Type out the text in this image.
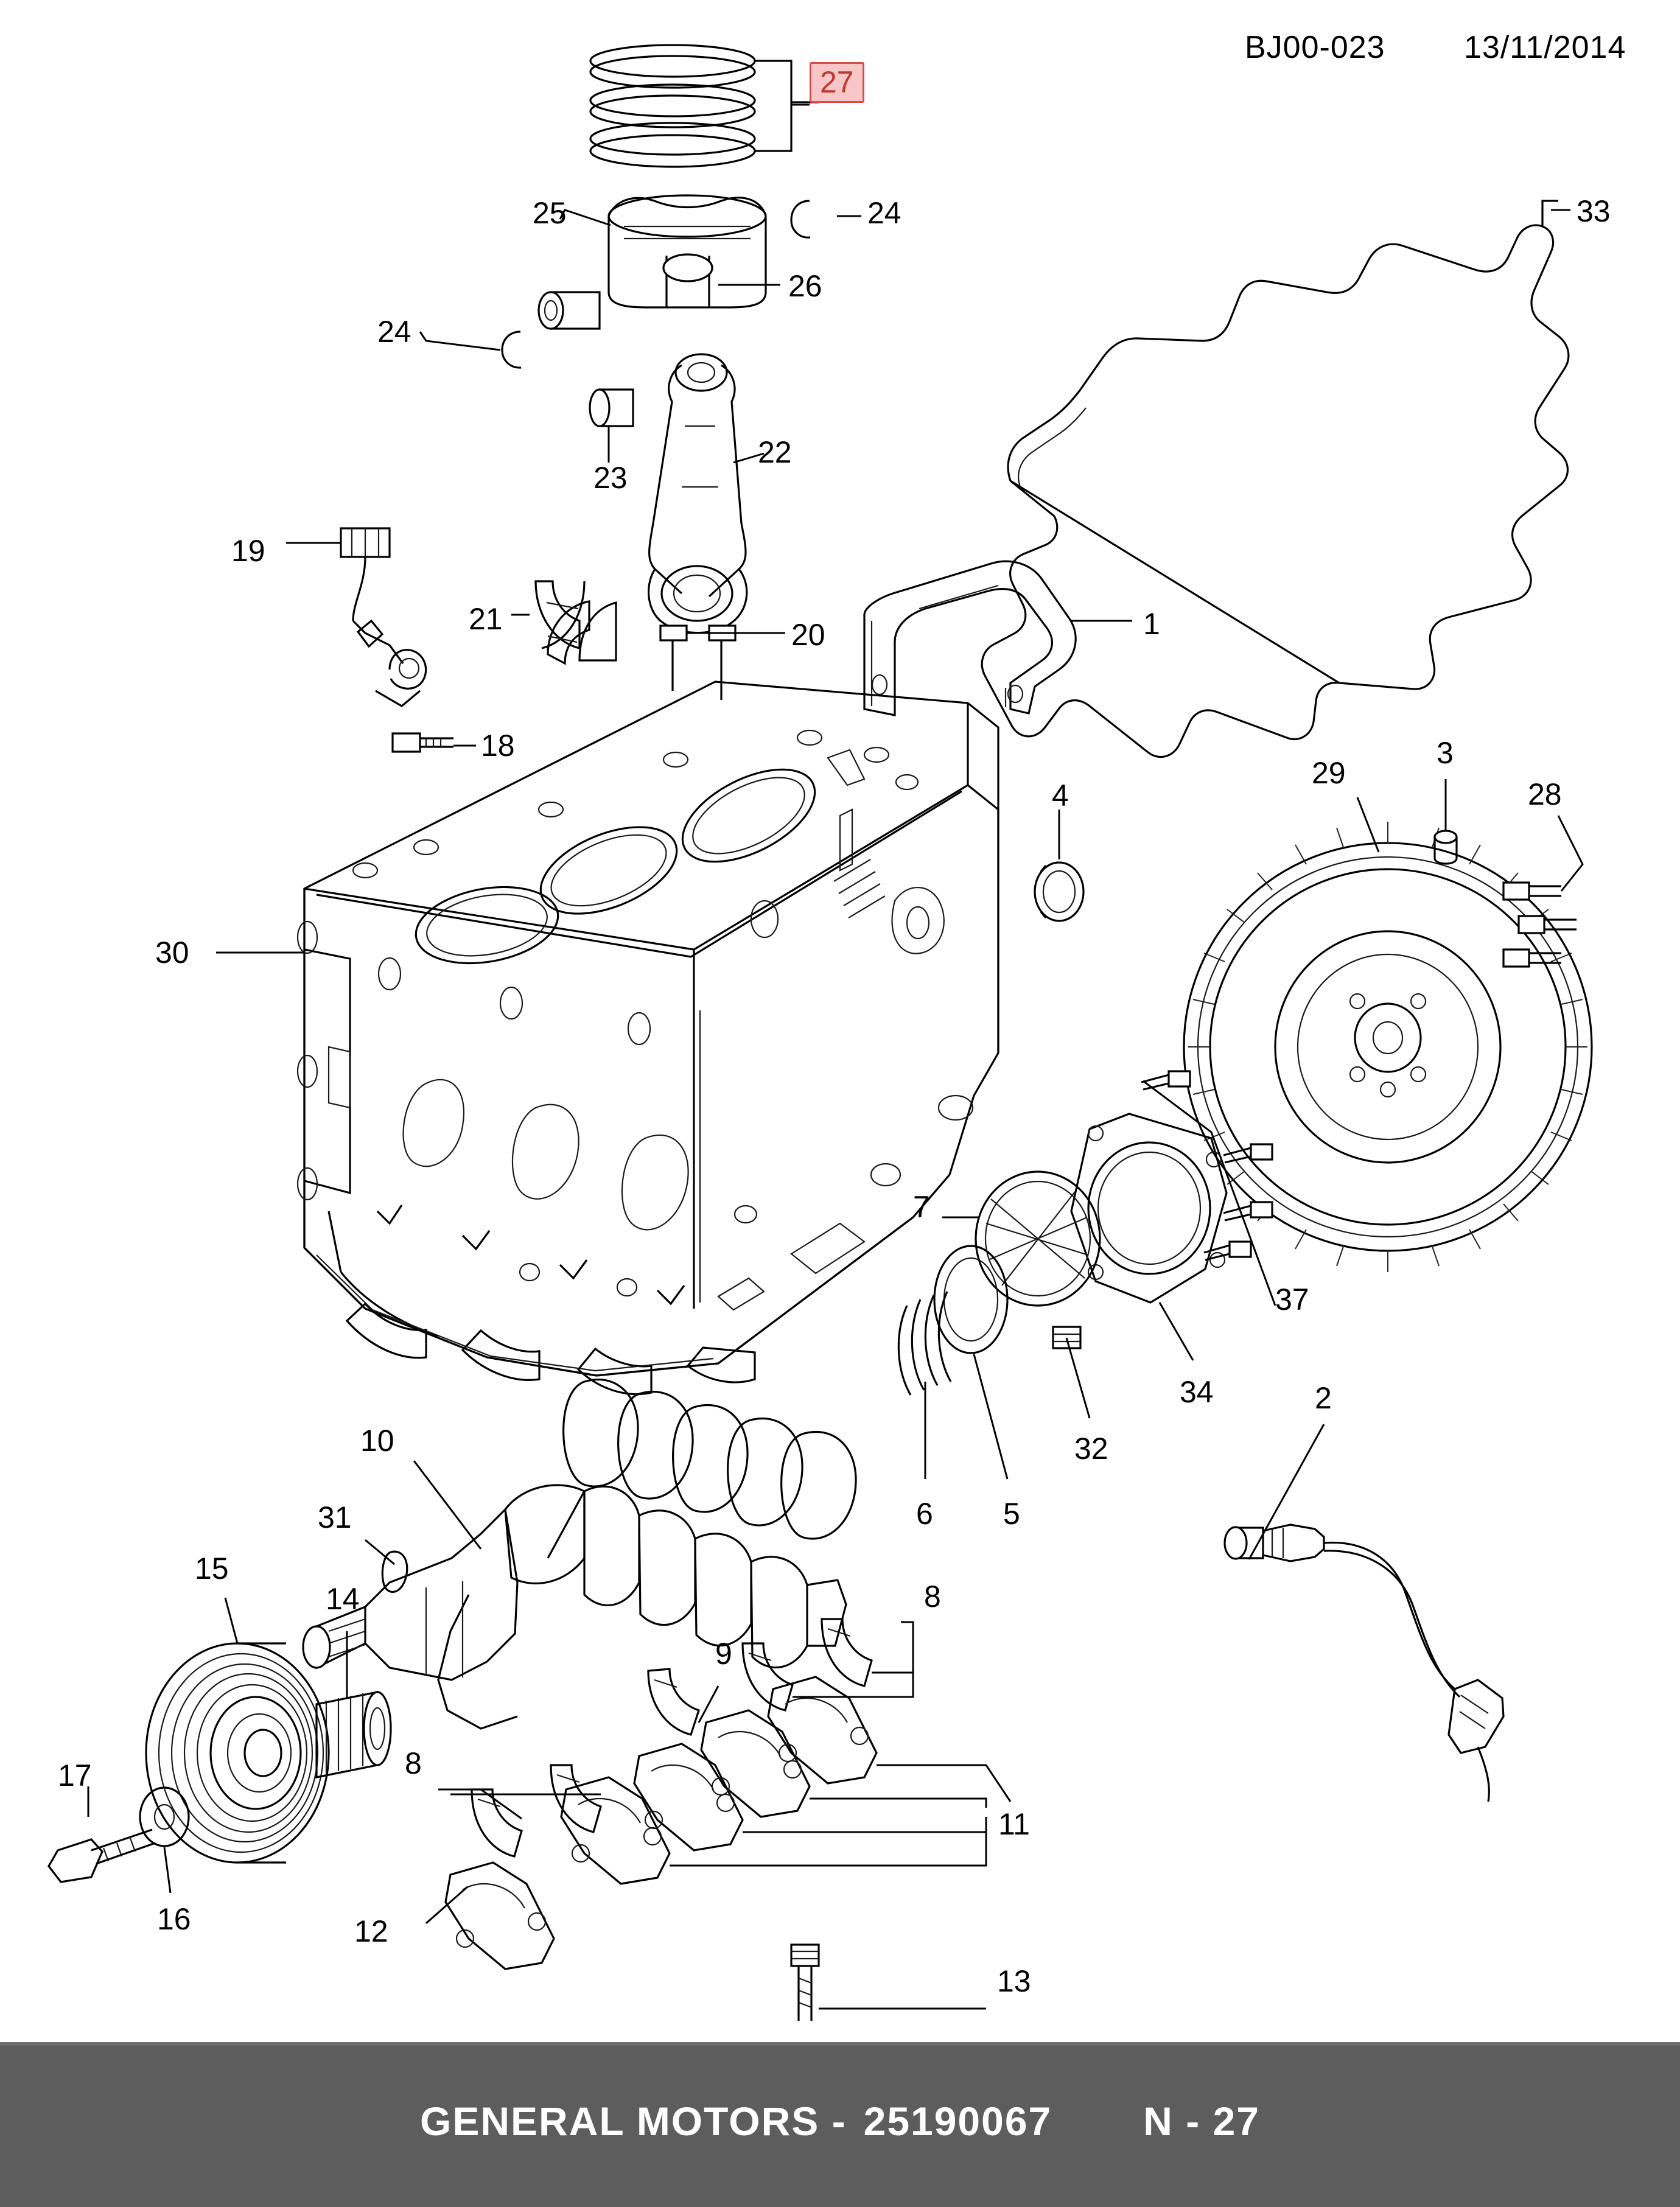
BJ00-023 13/11/2014
27
24
25
26
24
33
23
22
19
21	20	1
18
4
29
3
28
30
7
37
34
32
6 5
2
10
31
15
14	8
9
8
17
11
16	12
13
GENERAL MOTORS - 25190067 N - 27
